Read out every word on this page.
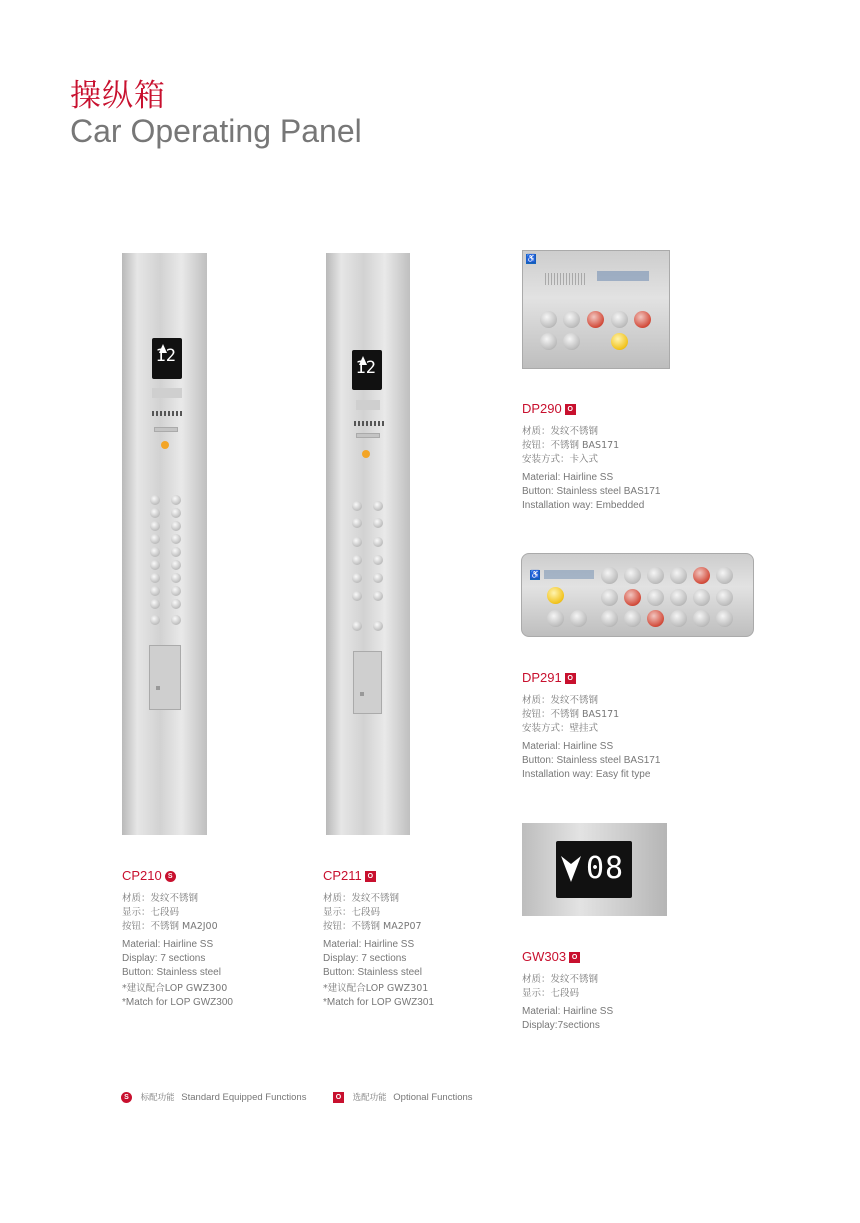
操纵箱
Car Operating Panel
12
12
CP210 S
材质：发纹不锈钢
显示：七段码
按钮：不锈钢 MA2J00
Material: Hairline SS
Display: 7 sections
Button: Stainless steel
*建议配合LOP GWZ300
*Match for LOP GWZ300
CP211 O
材质：发纹不锈钢
显示：七段码
按钮：不锈钢 MA2P07
Material: Hairline SS
Display: 7 sections
Button: Stainless steel
*建议配合LOP GWZ301
*Match for LOP GWZ301
♿
DP290 O
材质：发纹不锈钢
按钮：不锈钢 BAS171
安装方式：卡入式
Material: Hairline SS
Button: Stainless steel BAS171
Installation way: Embedded
♿
DP291 O
材质：发纹不锈钢
按钮：不锈钢 BAS171
安装方式：壁挂式
Material: Hairline SS
Button: Stainless steel BAS171
Installation way: Easy fit type
08
GW303 O
材质：发纹不锈钢
显示：七段码
Material: Hairline SS
Display:7sections
S 标配功能 Standard Equipped Functions	O 选配功能 Optional Functions
